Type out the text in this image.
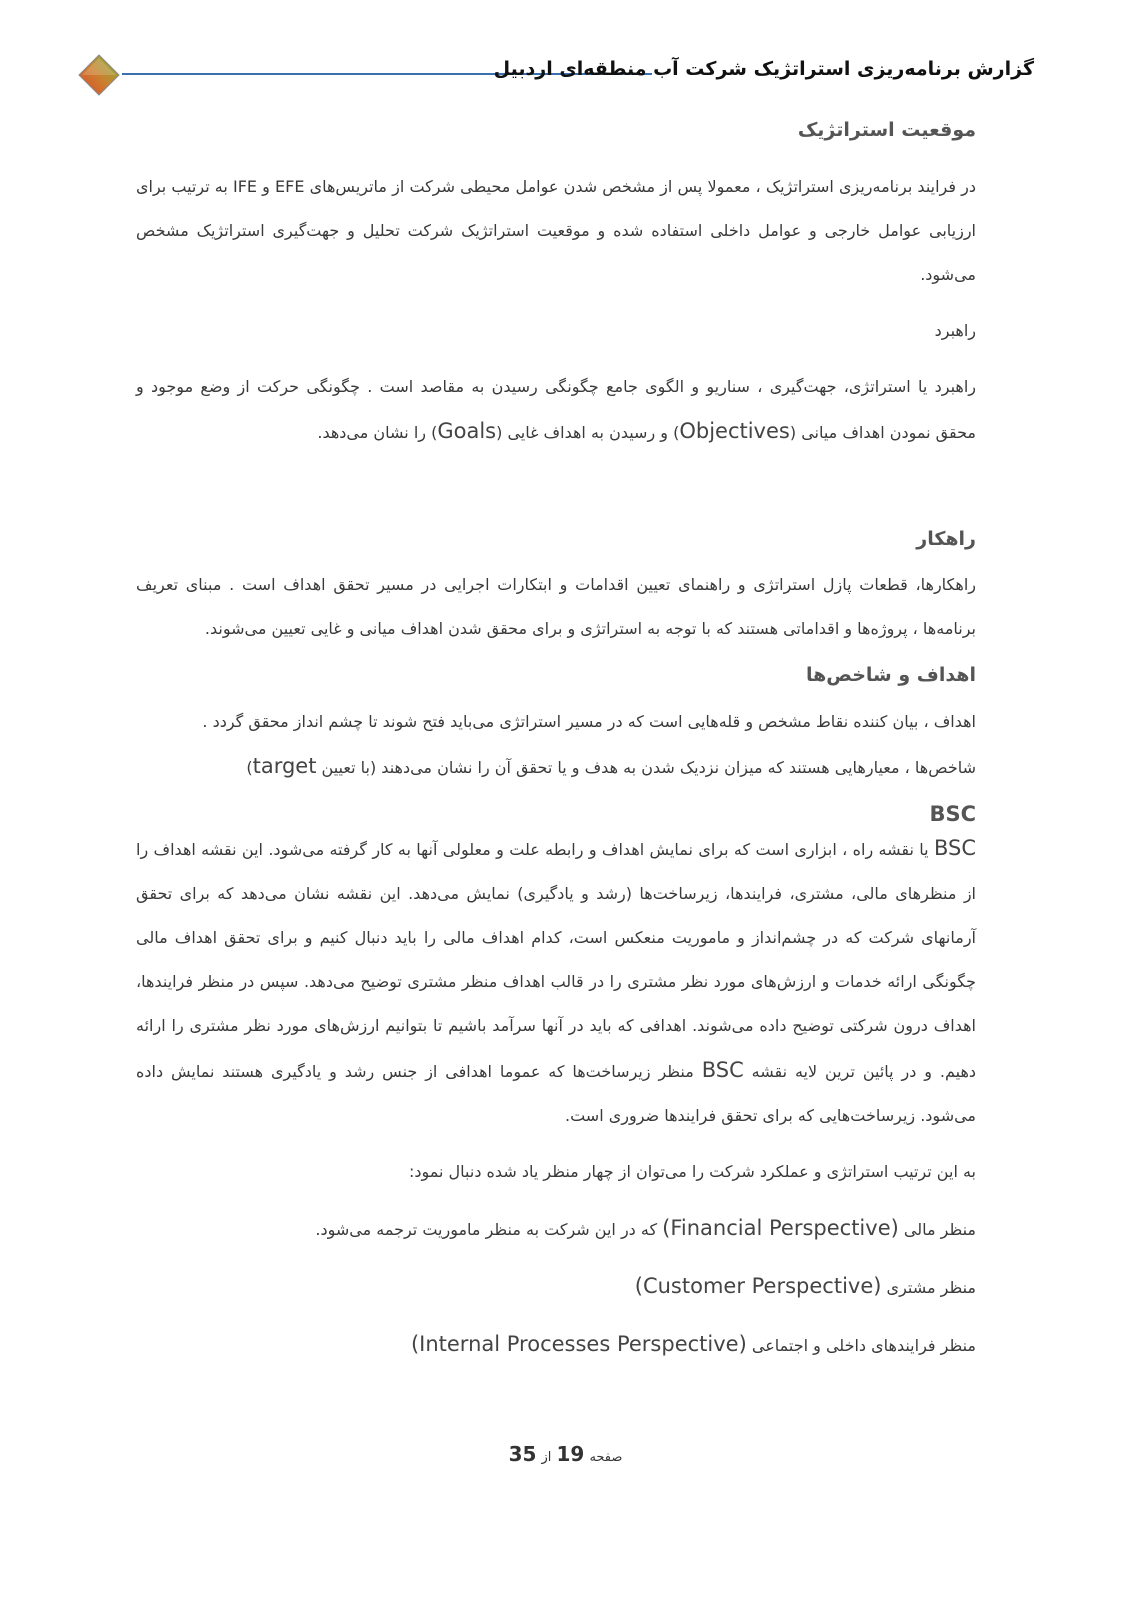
گزارش برنامه‌ریزی استراتژیک شرکت آب منطقه‌ای اردبیل
موقعیت استراتژیک
در فرایند برنامه‌ریزی استراتژیک ، معمولا پس از مشخص شدن عوامل محیطی شرکت از ماتریس‌های EFE و IFE به ترتیب برای ارزیابی عوامل خارجی و عوامل داخلی استفاده شده و موقعیت استراتژیک شرکت تحلیل و جهت‌گیری استراتژیک مشخص می‌شود.
راهبرد
راهبرد یا استراتژی، جهت‌گیری ، سناریو و الگوی جامع چگونگی رسیدن به مقاصد است . چگونگی حرکت از وضع موجود و محقق نمودن اهداف میانی (Objectives) و رسیدن به اهداف غایی (Goals) را نشان می‌دهد.
راهکار
راهکارها، قطعات پازل استراتژی و راهنمای تعیین اقدامات و ابتکارات اجرایی در مسیر تحقق اهداف است . مبنای تعریف برنامه‌ها ، پروژه‌ها و اقداماتی هستند که با توجه به استراتژی و برای محقق شدن اهداف میانی و غایی تعیین می‌شوند.
اهداف و شاخص‌ها
اهداف ، بیان کننده نقاط مشخص و قله‌هایی است که در مسیر استراتژی می‌باید فتح شوند تا چشم انداز محقق گردد .
شاخص‌ها ، معیارهایی هستند که میزان نزدیک شدن به هدف و یا تحقق آن را نشان می‌دهند (با تعیین target)
BSC
BSC یا نقشه راه ، ابزاری است که برای نمایش اهداف و رابطه علت و معلولی آنها به کار گرفته می‌شود. این نقشه اهداف را از منظرهای مالی، مشتری، فرایندها، زیرساخت‌ها (رشد و یادگیری) نمایش می‌دهد. این نقشه نشان می‌دهد که برای تحقق آرمانهای شرکت که در چشم‌انداز و ماموریت منعکس است، کدام اهداف مالی را باید دنبال کنیم و برای تحقق اهداف مالی چگونگی ارائه خدمات و ارزش‌های مورد نظر مشتری را در قالب اهداف منظر مشتری توضیح می‌دهد. سپس در منظر فرایندها، اهداف درون شرکتی توضیح داده می‌شوند. اهدافی که باید در آنها سرآمد باشیم تا بتوانیم ارزش‌های مورد نظر مشتری را ارائه دهیم. و در پائین ترین لایه نقشه BSC منظر زیرساخت‌ها که عموما اهدافی از جنس رشد و یادگیری هستند نمایش داده می‌شود. زیرساخت‌هایی که برای تحقق فرایندها ضروری است.
به این ترتیب استراتژی و عملکرد شرکت را می‌توان از چهار منظر یاد شده دنبال نمود:
منظر مالی (Financial Perspective) که در این شرکت به منظر ماموریت ترجمه می‌شود.
منظر مشتری (Customer Perspective)
منظر فرایندهای داخلی و اجتماعی (Internal Processes Perspective)
صفحه 19 از 35
